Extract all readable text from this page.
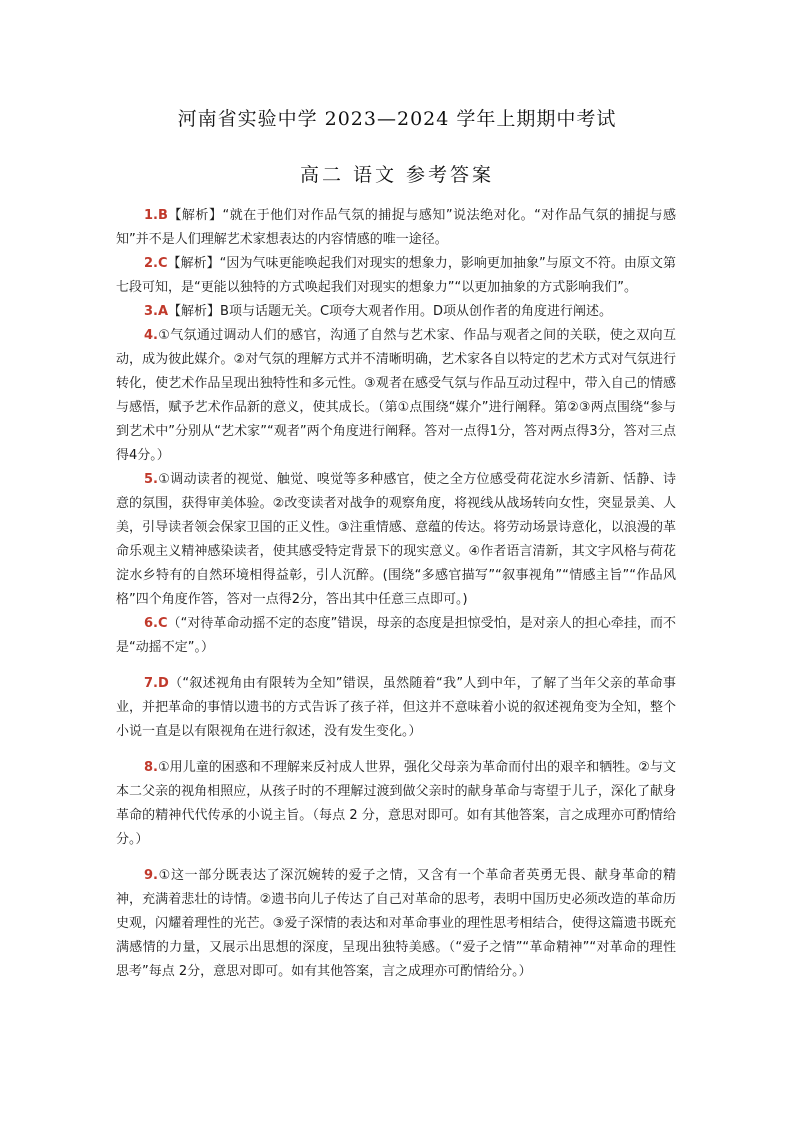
河南省实验中学 2023—2024 学年上期期中考试
高二 语文 参考答案

1.B【解析】“就在于他们对作品气氛的捕捉与感知”说法绝对化。“对作品气氛的捕捉与感知”并不是人们理解艺术家想表达的内容情感的唯一途径。

2.C【解析】“因为气味更能唤起我们对现实的想象力，影响更加抽象”与原文不符。由原文第七段可知，是“更能以独特的方式唤起我们对现实的想象力”“以更加抽象的方式影响我们”。

3.A【解析】B项与话题无关。C项夸大观者作用。D项从创作者的角度进行阐述。

4.①气氛通过调动人们的感官，沟通了自然与艺术家、作品与观者之间的关联，使之双向互动，成为彼此媒介。②对气氛的理解方式并不清晰明确，艺术家各自以特定的艺术方式对气氛进行转化，使艺术作品呈现出独特性和多元性。③观者在感受气氛与作品互动过程中，带入自己的情感与感悟，赋予艺术作品新的意义，使其成长。（第①点围绕“媒介”进行阐释。第②③两点围绕“参与到艺术中”分别从“艺术家”“观者”两个角度进行阐释。答对一点得1分，答对两点得3分，答对三点得4分。）

5.①调动读者的视觉、触觉、嗅觉等多种感官，使之全方位感受荷花淀水乡清新、恬静、诗意的氛围，获得审美体验。②改变读者对战争的观察角度，将视线从战场转向女性，突显景美、人美，引导读者领会保家卫国的正义性。③注重情感、意蕴的传达。将劳动场景诗意化，以浪漫的革命乐观主义精神感染读者，使其感受特定背景下的现实意义。④作者语言清新，其文字风格与荷花淀水乡特有的自然环境相得益彰，引人沉醉。(围绕“多感官描写”“叙事视角”“情感主旨”“作品风格”四个角度作答，答对一点得2分，答出其中任意三点即可。)

6.C（“对待革命动摇不定的态度”错误，母亲的态度是担惊受怕，是对亲人的担心牵挂，而不是“动摇不定”。）

7.D（“叙述视角由有限转为全知”错误，虽然随着“我”人到中年，了解了当年父亲的革命事业，并把革命的事情以遗书的方式告诉了孩子祥，但这并不意味着小说的叙述视角变为全知，整个小说一直是以有限视角在进行叙述，没有发生变化。）

8.①用儿童的困惑和不理解来反衬成人世界，强化父母亲为革命而付出的艰辛和牺牲。②与文本二父亲的视角相照应，从孩子时的不理解过渡到做父亲时的献身革命与寄望于儿子，深化了献身革命的精神代代传承的小说主旨。（每点 2 分，意思对即可。如有其他答案，言之成理亦可酌情给分。）

9.①这一部分既表达了深沉婉转的爱子之情，又含有一个革命者英勇无畏、献身革命的精神，充满着悲壮的诗情。②遗书向儿子传达了自己对革命的思考，表明中国历史必须改造的革命历史观，闪耀着理性的光芒。③爱子深情的表达和对革命事业的理性思考相结合，使得这篇遗书既充满感情的力量，又展示出思想的深度，呈现出独特美感。（“爱子之情”“革命精神”“对革命的理性思考”每点 2分，意思对即可。如有其他答案，言之成理亦可酌情给分。）
